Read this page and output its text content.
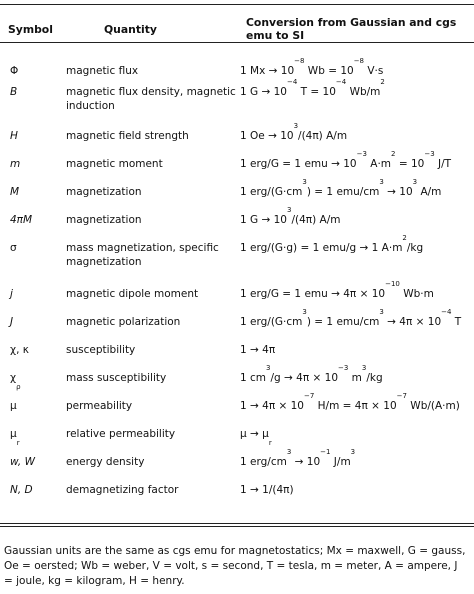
Symbol	Quantity	Conversion from Gaussian and cgs emu to SI
Φ	magnetic flux	1 $Mx \to 10^{-8}$ $Wb = 10^{-8}$ V·s
B	magnetic flux density, magnetic induction	1 $G \to 10^{-4}$ $T = 10^{-4}$ $Wb/m^2$
H	magnetic field strength	1 $Oe \to 10^3/(4\pi)$ A/m
m	magnetic moment	1 erg/G = 1 emu → $10^{-3}$ $A\cdot m^2 = 10^{-3}$ J/T
M	magnetization	1 erg/$(G\cdot cm^3) = 1$ emu/$cm^3 \to 10^3$ A/m
4πM	magnetization	1 $G \to 10^3/(4\pi)$ A/m
σ	mass magnetization, specific magnetization	1 erg/(G·g) = 1 emu/g → 1 $A\cdot m^2/kg$
j	magnetic dipole moment	1 erg/G = 1 emu → $4\pi \times 10^{-10}$ Wb·m
J	magnetic polarization	1 erg/$(G\cdot cm^3) = 1$ emu/$cm^3 \to 4\pi \times 10^{-4}$ T
χ, κ	susceptibility	1 → 4π
$\chi_\rho$	mass susceptibility	1 $cm^3/g \to 4\pi \times 10^{-3}$ $m^3/kg$
μ	permeability	$1 \to 4\pi \times 10^{-7}$ $H/m = 4\pi \times 10^{-7}$ Wb/(A·m)
$\mu_r$	relative permeability	$\mu \to \mu_r$
w, W	energy density	1 erg/$cm^3 \to 10^{-1}$ $J/m^3$
N, D	demagnetizing factor	1 → 1/(4π)
Gaussian units are the same as cgs emu for magnetostatics; Mx = maxwell, G = gauss, Oe = oersted; Wb = weber, V = volt, s = second, T = tesla, m = meter, A = ampere, J = joule, kg = kilogram, H = henry.
